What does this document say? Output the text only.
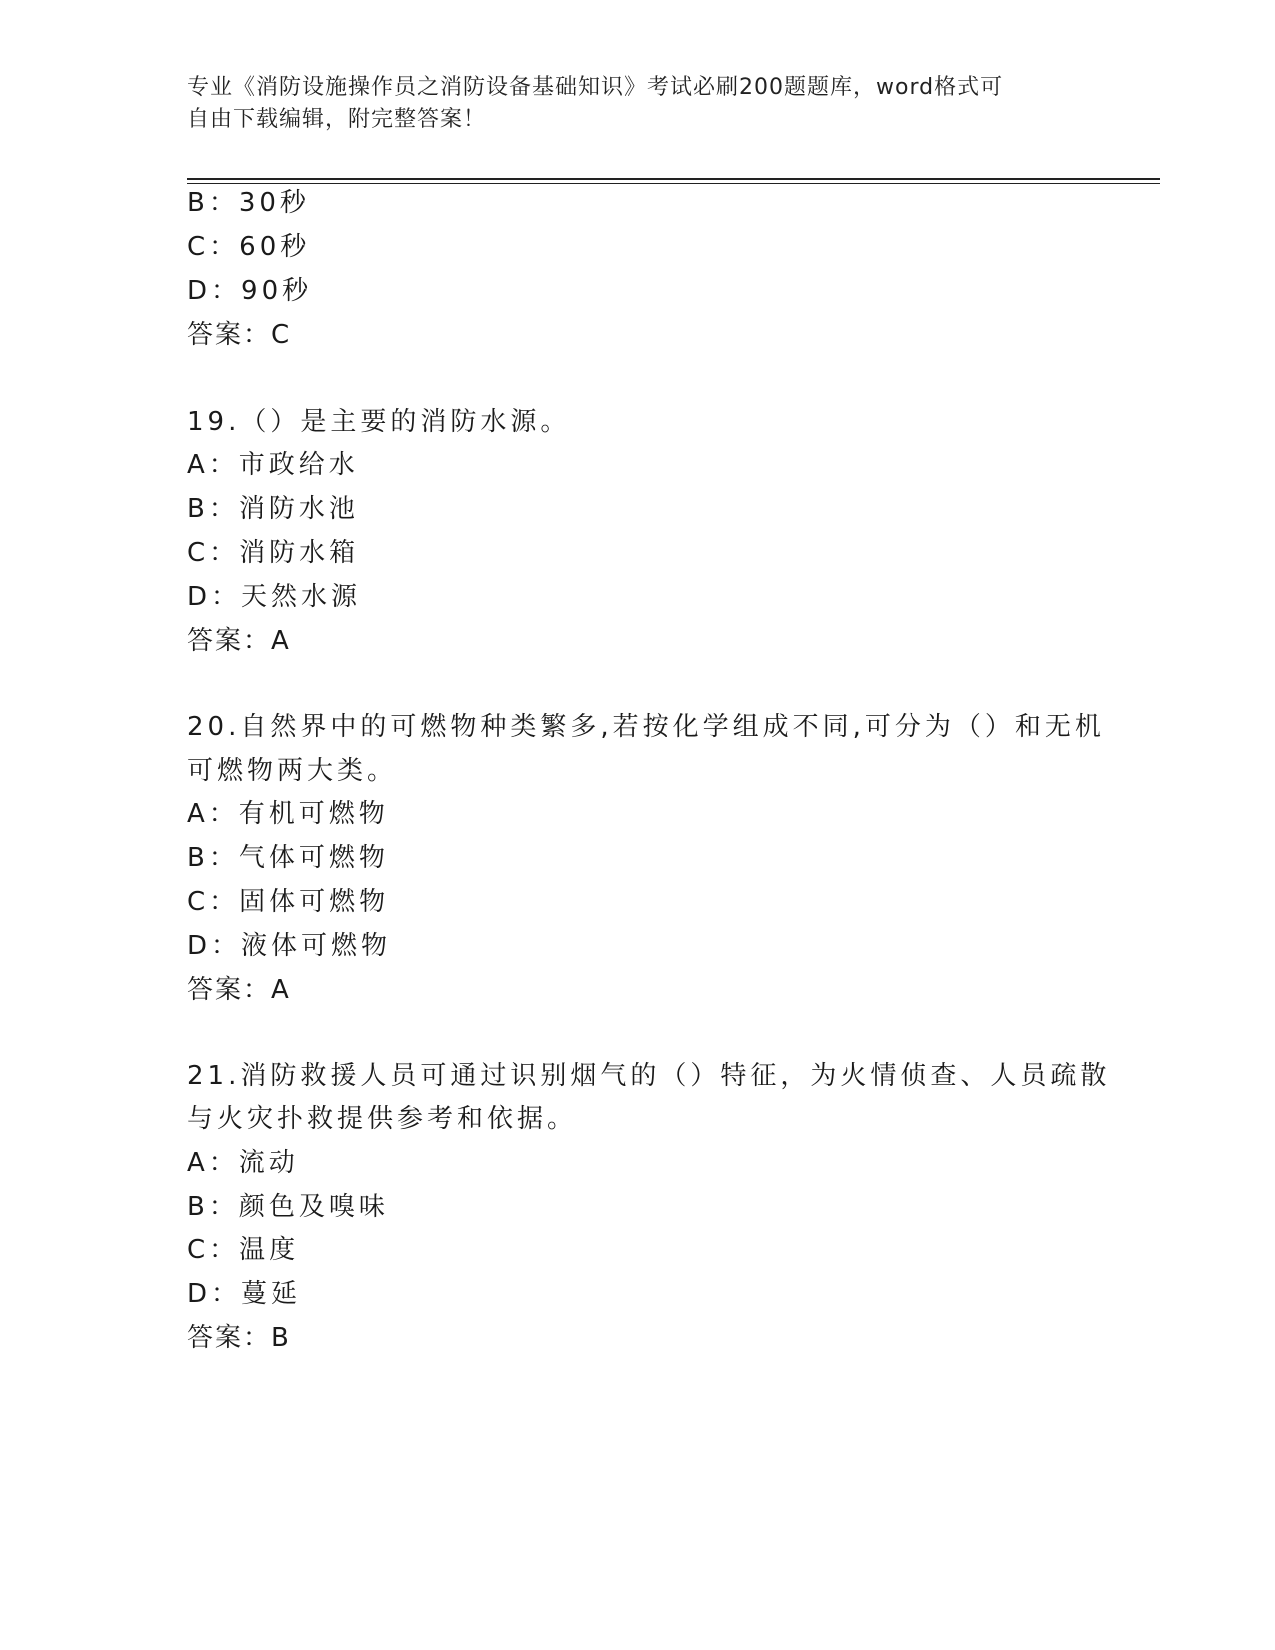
专业《消防设施操作员之消防设备基础知识》考试必刷200题题库，word格式可
自由下载编辑，附完整答案！
B：30秒
C：60秒
D：90秒
答案：C
19.（）是主要的消防水源。
A：市政给水
B：消防水池
C：消防水箱
D：天然水源
答案：A
20.自然界中的可燃物种类繁多,若按化学组成不同,可分为（）和无机
可燃物两大类。
A：有机可燃物
B：气体可燃物
C：固体可燃物
D：液体可燃物
答案：A
21.消防救援人员可通过识别烟气的（）特征，为火情侦查、人员疏散
与火灾扑救提供参考和依据。
A：流动
B：颜色及嗅味
C：温度
D：蔓延
答案：B
